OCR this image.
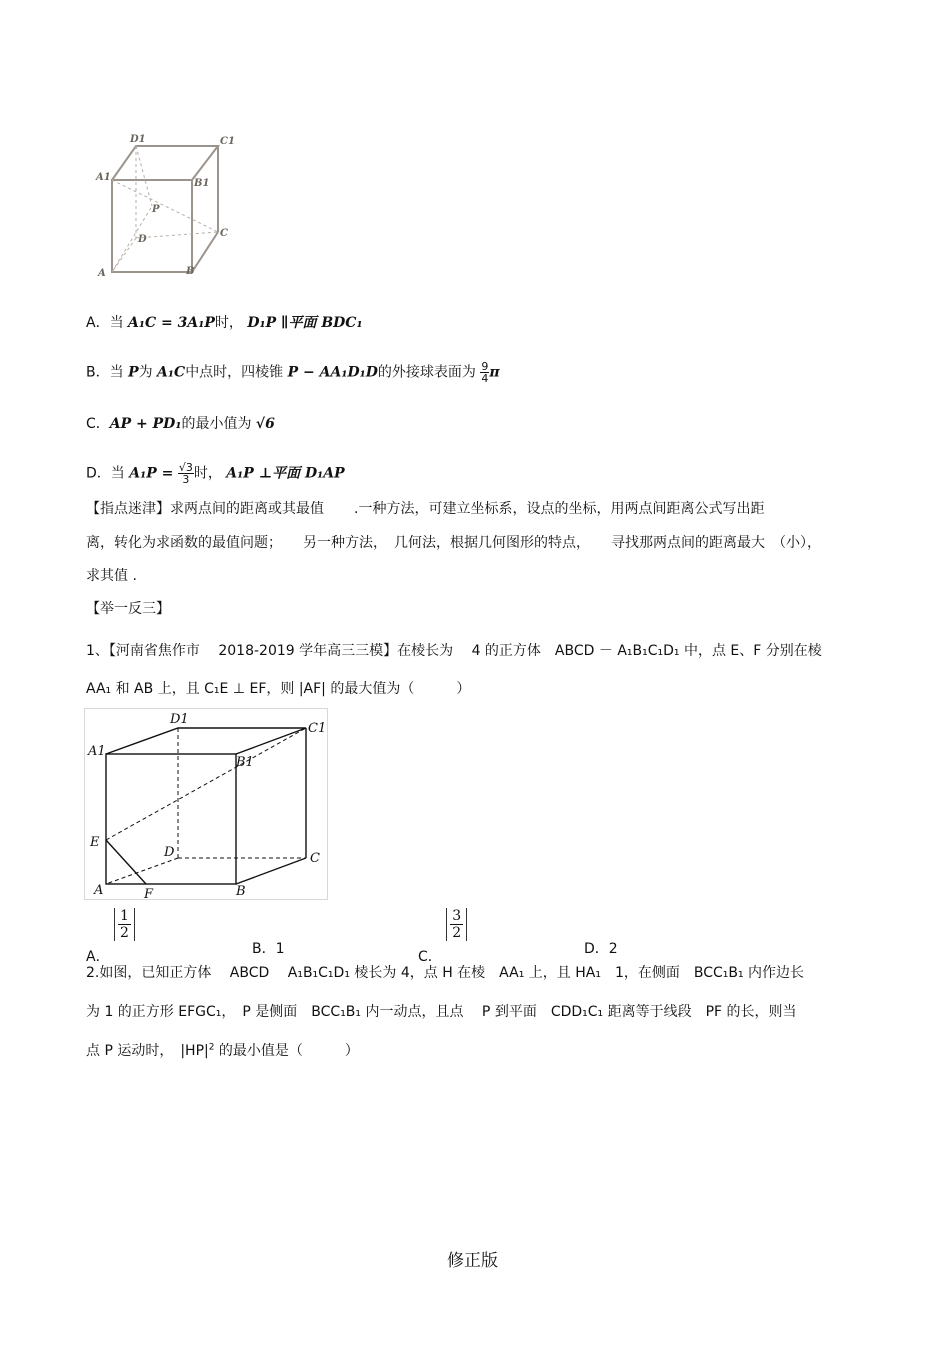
D1	C1
A1
B1
P
D
C
A	B
A．当 A₁C = 3A₁P时， D₁P ∥平面 BDC₁
B．当 P为 A₁C中点时，四棱锥 P − AA₁D₁D的外接球表面为 $\frac{9}{4}$ π
C．AP + PD₁的最小值为 √6
D．当 $A_1P = \frac{√3}{3}$ 时， A₁P ⊥平面 D₁AP
【指点迷津】求两点间的距离或其最值 .一种方法，可建立坐标系，设点的坐标，用两点间距离公式写出距
离，转化为求函数的最值问题；　　另一种方法，　几何法，根据几何图形的特点，　　寻找那两点间的距离最大　（小），
求其值 .
【举一反三】
1、【河南省焦作市　 2018-2019 学年高三三模】在棱长为　 4 的正方体　ABCD － A₁B₁C₁D₁ 中，点 E、F 分别在棱
AA₁ 和 AB 上，且 C₁E ⊥ EF，则 |AF| 的最大值为（　　　）
D1
C1
A1
B1
E
D	C
A	F	B
A．
$\frac{1}{2}$
B．1	C．
$\frac{3}{2}$
D．2
2.如图，已知正方体　 ABCD　 A₁B₁C₁D₁ 棱长为 4，点 H 在棱　AA₁ 上，且 HA₁　1，在侧面　BCC₁B₁ 内作边长
为 1 的正方形 EFGC₁，　P 是侧面　BCC₁B₁ 内一动点，且点　 P 到平面　CDD₁C₁ 距离等于线段　PF 的长，则当
点 P 运动时，　$|HP|^2$ 的最小值是（　　　）
修正版
